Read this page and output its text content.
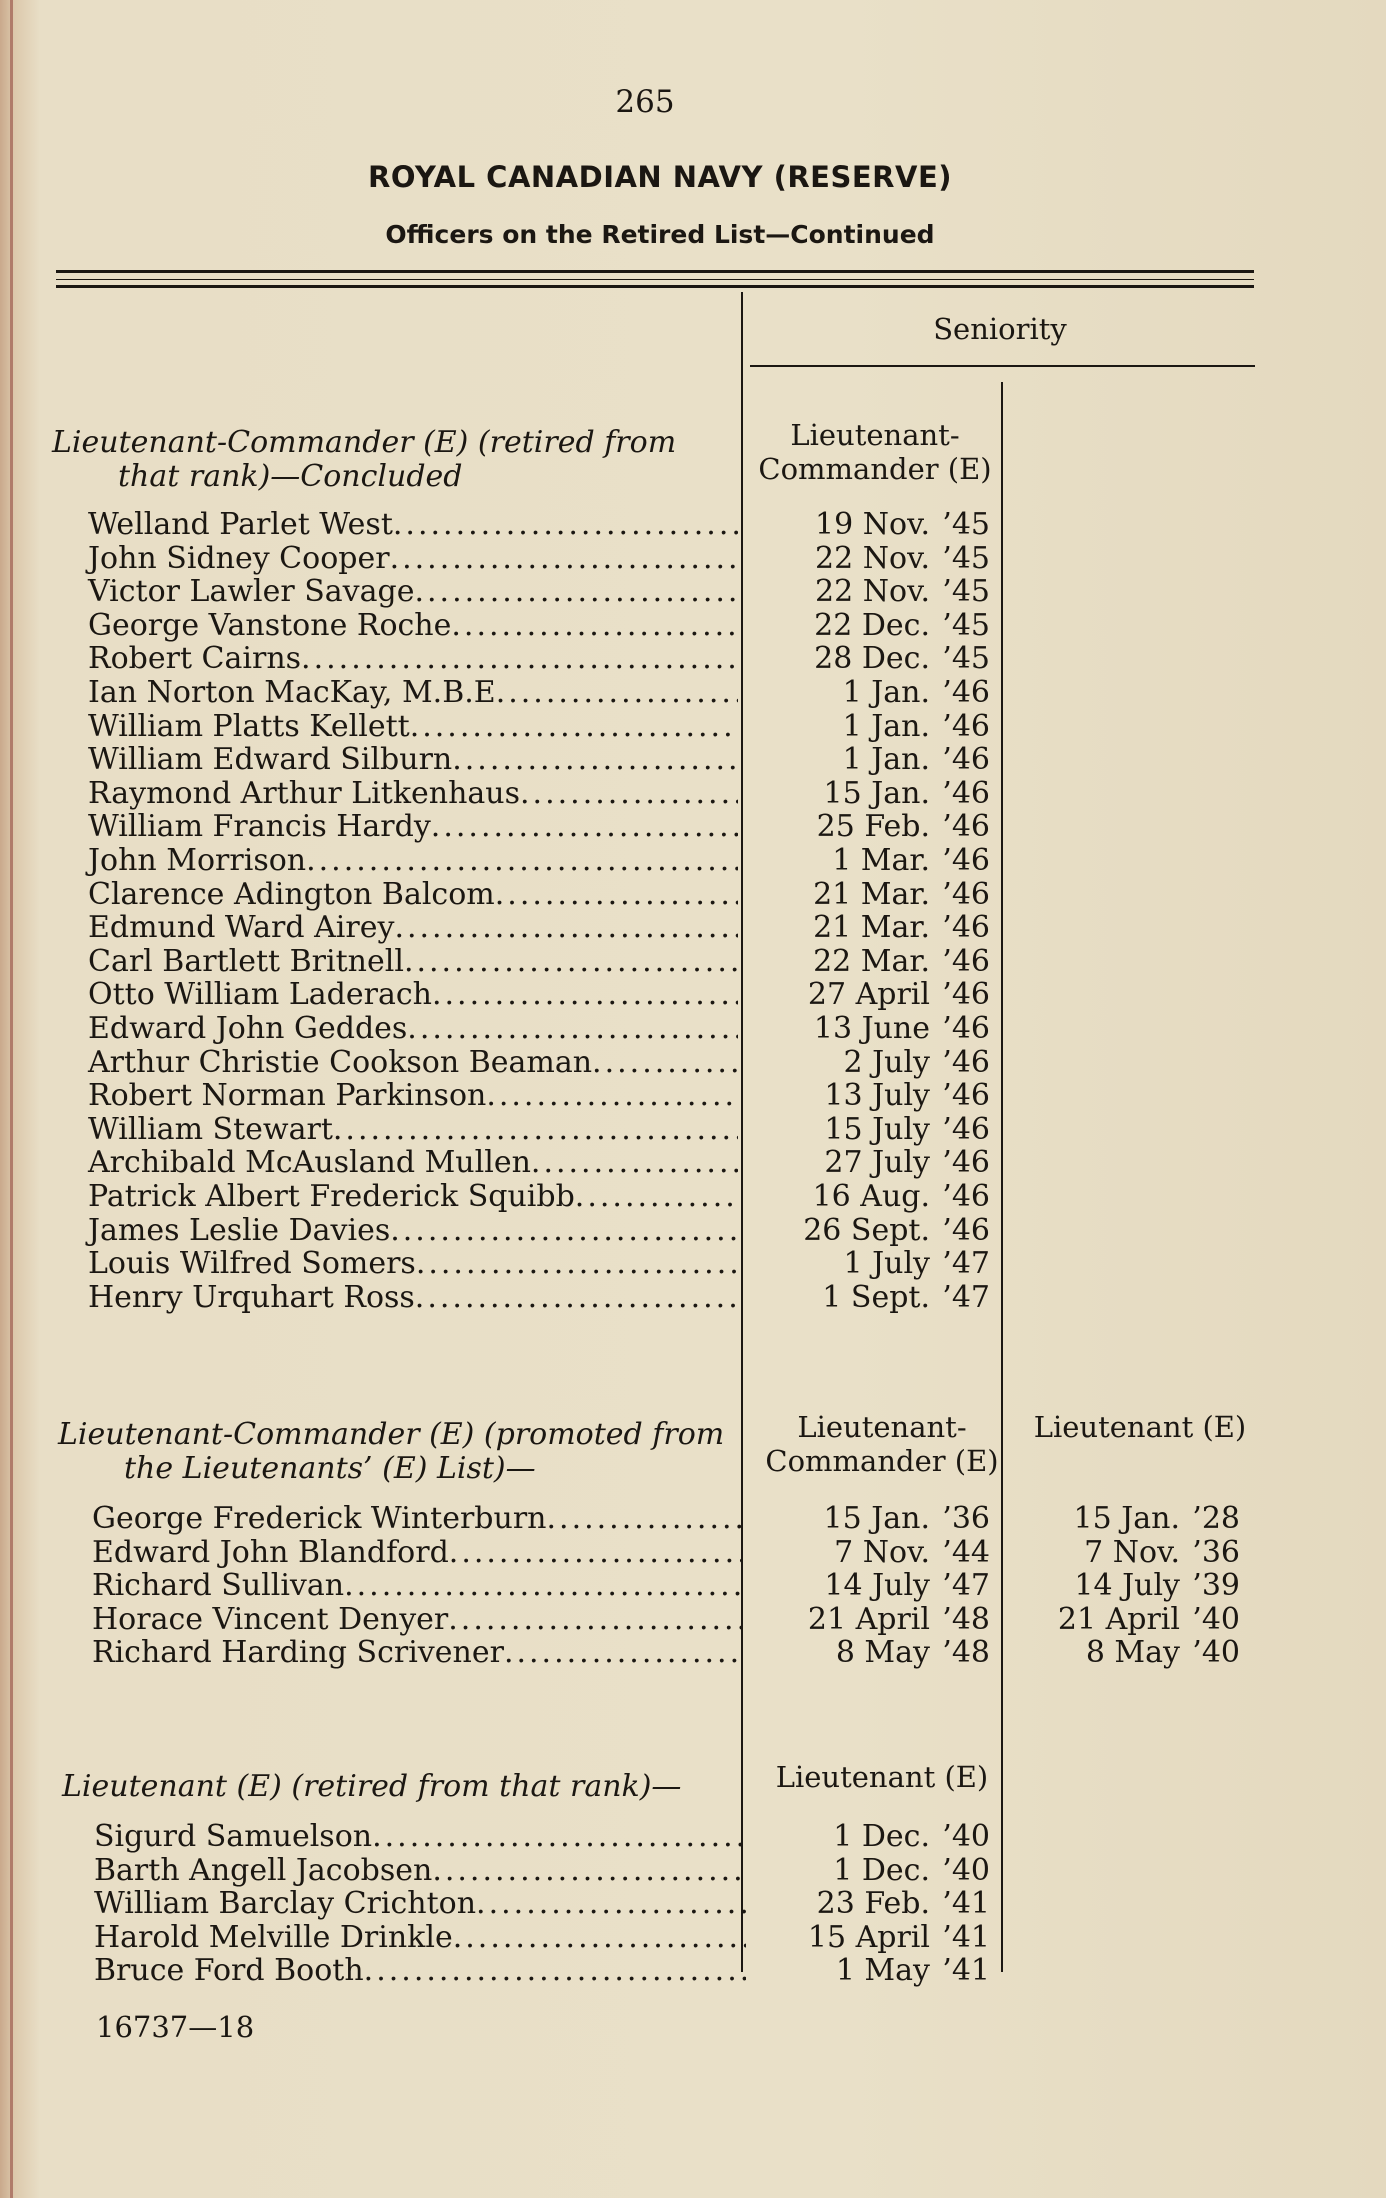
265
ROYAL CANADIAN NAVY (RESERVE)
Officers on the Retired List—Continued
Seniority
Lieutenant-Commander (E) (retired from
that rank)—Concluded
Lieutenant-
Commander (E)
Welland Parlet West .....	19 Nov. ’45
John Sidney Cooper .....	22 Nov. ’45
Victor Lawler Savage .....	22 Nov. ’45
George Vanstone Roche .....	22 Dec. ’45
Robert Cairns .....	28 Dec. ’45
Ian Norton MacKay, M.B.E .....	1 Jan. ’46
William Platts Kellett .....	1 Jan. ’46
William Edward Silburn .....	1 Jan. ’46
Raymond Arthur Litkenhaus .....	15 Jan. ’46
William Francis Hardy .....	25 Feb. ’46
John Morrison .....	1 Mar. ’46
Clarence Adington Balcom .....	21 Mar. ’46
Edmund Ward Airey .....	21 Mar. ’46
Carl Bartlett Britnell .....	22 Mar. ’46
Otto William Laderach .....	27 April ’46
Edward John Geddes .....	13 June ’46
Arthur Christie Cookson Beaman .....	2 July ’46
Robert Norman Parkinson .....	13 July ’46
William Stewart .....	15 July ’46
Archibald McAusland Mullen .....	27 July ’46
Patrick Albert Frederick Squibb .....	16 Aug. ’46
James Leslie Davies .....	26 Sept. ’46
Louis Wilfred Somers .....	1 July ’47
Henry Urquhart Ross .....	1 Sept. ’47
Lieutenant-Commander (E) (promoted from
the Lieutenants’ (E) List)—
Lieutenant-
Commander (E)
Lieutenant (E)
George Frederick Winterburn .....	15 Jan. ’36	15 Jan. ’28
Edward John Blandford .....	7 Nov. ’44	7 Nov. ’36
Richard Sullivan .....	14 July ’47	14 July ’39
Horace Vincent Denyer .....	21 April ’48	21 April ’40
Richard Harding Scrivener .....	8 May ’48	8 May ’40
Lieutenant (E) (retired from that rank)—	Lieutenant (E)
Sigurd Samuelson .....	1 Dec. ’40
Barth Angell Jacobsen .....	1 Dec. ’40
William Barclay Crichton .....	23 Feb. ’41
Harold Melville Drinkle .....	15 April ’41
Bruce Ford Booth .....	1 May ’41
16737—18
